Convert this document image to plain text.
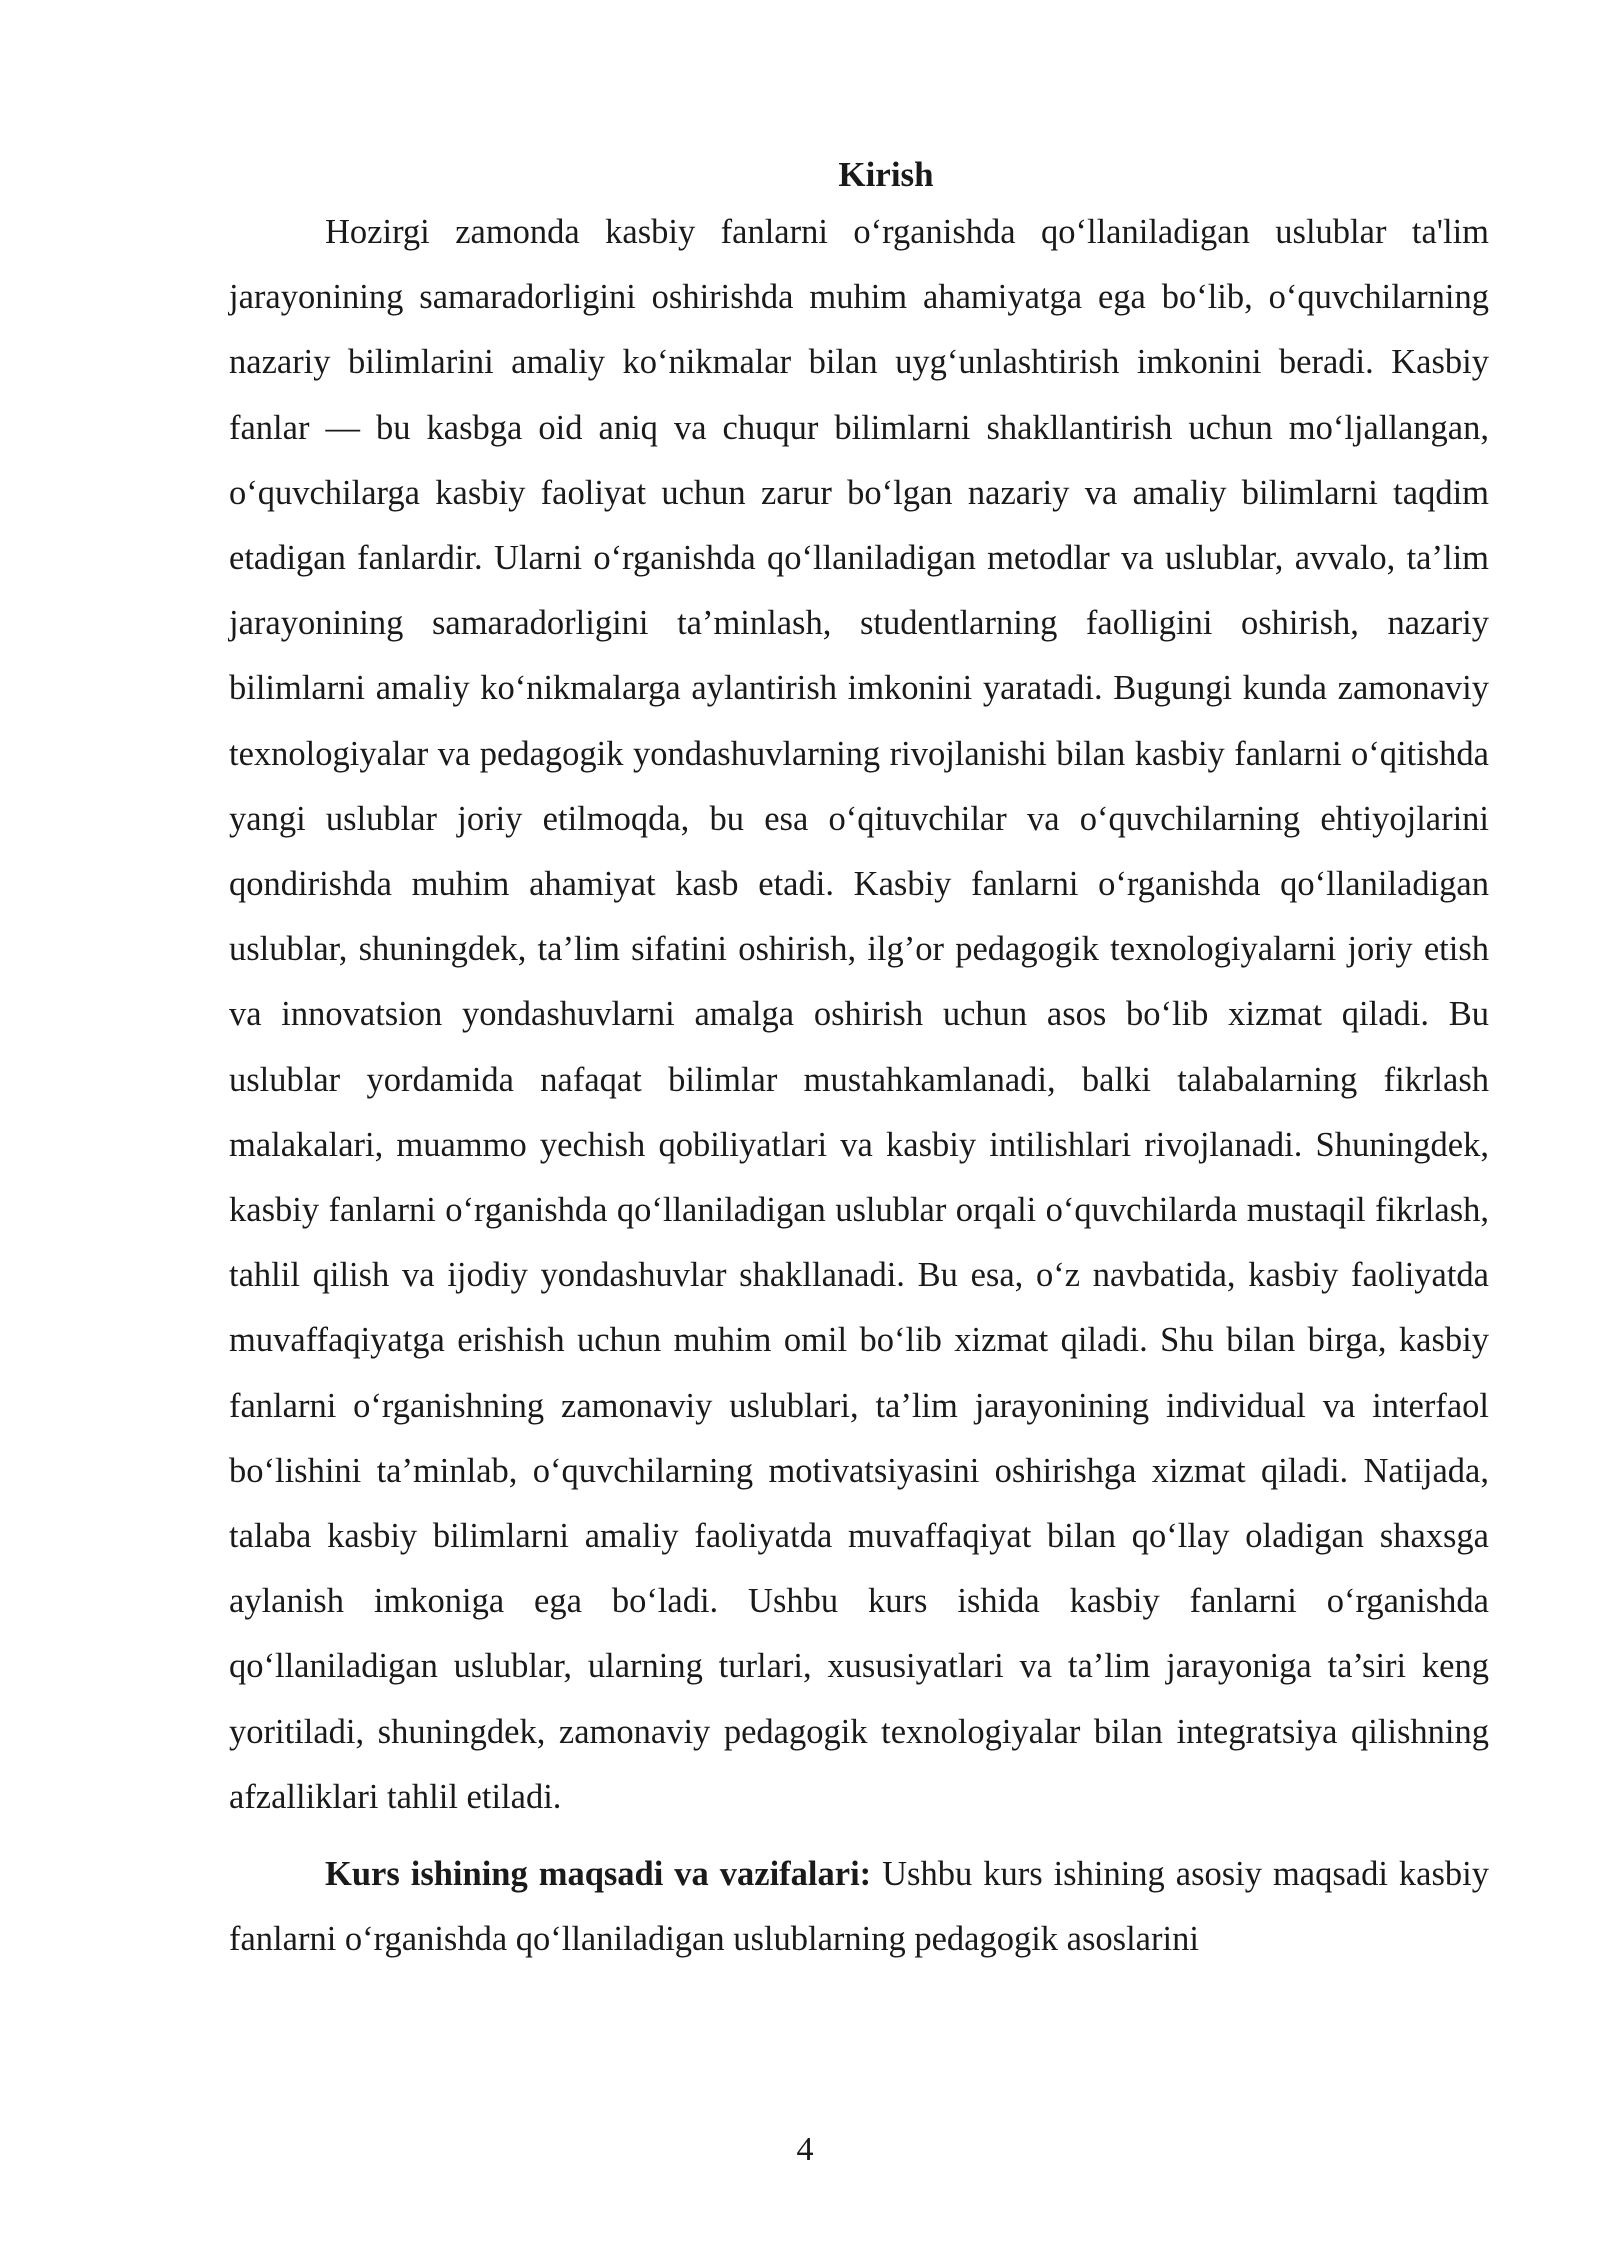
Kirish

Hozirgi zamonda kasbiy fanlarni o‘rganishda qo‘llaniladigan uslublar ta'lim jarayonining samaradorligini oshirishda muhim ahamiyatga ega bo‘lib, o‘quvchilarning nazariy bilimlarini amaliy ko‘nikmalar bilan uyg‘unlashtirish imkonini beradi. Kasbiy fanlar — bu kasbga oid aniq va chuqur bilimlarni shakllantirish uchun mo‘ljallangan, o‘quvchilarga kasbiy faoliyat uchun zarur bo‘lgan nazariy va amaliy bilimlarni taqdim etadigan fanlardir. Ularni o‘rganishda qo‘llaniladigan metodlar va uslublar, avvalo, ta’lim jarayonining samaradorligini ta’minlash, studentlarning faolligini oshirish, nazariy bilimlarni amaliy ko‘nikmalarga aylantirish imkonini yaratadi. Bugungi kunda zamonaviy texnologiyalar va pedagogik yondashuvlarning rivojlanishi bilan kasbiy fanlarni o‘qitishda yangi uslublar joriy etilmoqda, bu esa o‘qituvchilar va o‘quvchilarning ehtiyojlarini qondirishda muhim ahamiyat kasb etadi. Kasbiy fanlarni o‘rganishda qo‘llaniladigan uslublar, shuningdek, ta’lim sifatini oshirish, ilg’or pedagogik texnologiyalarni joriy etish va innovatsion yondashuvlarni amalga oshirish uchun asos bo‘lib xizmat qiladi. Bu uslublar yordamida nafaqat bilimlar mustahkamlanadi, balki talabalarning fikrlash malakalari, muammo yechish qobiliyatlari va kasbiy intilishlari rivojlanadi. Shuningdek, kasbiy fanlarni o‘rganishda qo‘llaniladigan uslublar orqali o‘quvchilarda mustaqil fikrlash, tahlil qilish va ijodiy yondashuvlar shakllanadi. Bu esa, o‘z navbatida, kasbiy faoliyatda muvaffaqiyatga erishish uchun muhim omil bo‘lib xizmat qiladi. Shu bilan birga, kasbiy fanlarni o‘rganishning zamonaviy uslublari, ta’lim jarayonining individual va interfaol bo‘lishini ta’minlab, o‘quvchilarning motivatsiyasini oshirishga xizmat qiladi. Natijada, talaba kasbiy bilimlarni amaliy faoliyatda muvaffaqiyat bilan qo‘llay oladigan shaxsga aylanish imkoniga ega bo‘ladi. Ushbu kurs ishida kasbiy fanlarni o‘rganishda qo‘llaniladigan uslublar, ularning turlari, xususiyatlari va ta’lim jarayoniga ta’siri keng yoritiladi, shuningdek, zamonaviy pedagogik texnologiyalar bilan integratsiya qilishning afzalliklari tahlil etiladi.

Kurs ishining maqsadi va vazifalari: Ushbu kurs ishining asosiy maqsadi kasbiy fanlarni o‘rganishda qo‘llaniladigan uslublarning pedagogik asoslarini

4
